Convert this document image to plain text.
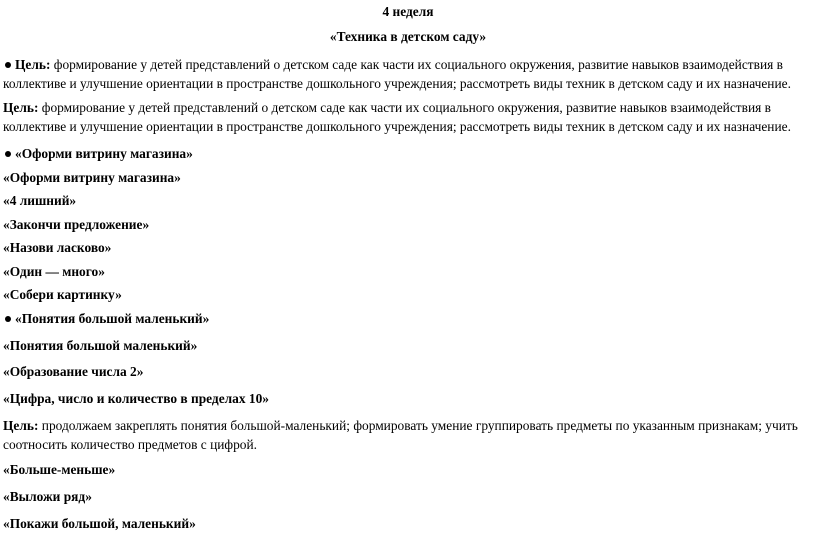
4 неделя
«Техника в детском саду»
Цель: формирование у детей представлений о детском саде как части их социального окружения, развитие навыков взаимодействия в коллективе и улучшение ориентации в пространстве дошкольного учреждения; рассмотреть виды техник в детском саду и их назначение.
Цель: формирование у детей представлений о детском саде как части их социального окружения, развитие навыков взаимодействия в коллективе и улучшение ориентации в пространстве дошкольного учреждения; рассмотреть виды техник в детском саду и их назначение.
«Оформи витрину магазина»
«Оформи витрину магазина»
«4 лишний»
«Закончи предложение»
«Назови ласково»
«Один — много»
«Собери картинку»
«Понятия большой маленький»
«Понятия большой маленький»
«Образование числа 2»
«Цифра, число и количество в пределах 10»
Цель: продолжаем закреплять понятия большой-маленький; формировать умение группировать предметы по указанным признакам; учить соотносить количество предметов с цифрой.
«Больше-меньше»
«Выложи ряд»
«Покажи большой, маленький»
